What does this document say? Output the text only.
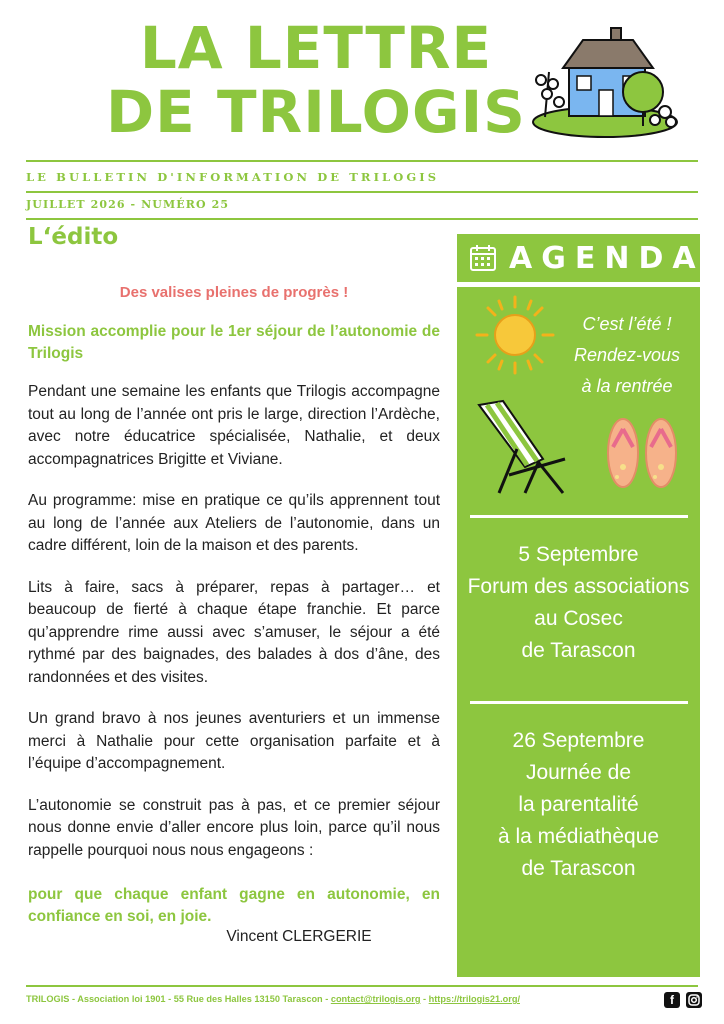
LA LETTRE
DE TRILOGIS
LE BULLETIN D'INFORMATION DE TRILOGIS
JUILLET 2026 - NUMÉRO 25
L‘édito
Des valises pleines de progrès !
Mission accomplie pour le 1er séjour de l’autonomie de Trilogis

Pendant une semaine les enfants que Trilogis accompagne tout au long de l’année ont pris le large, direction l’Ardèche, avec notre éducatrice spécialisée, Nathalie, et deux accompagnatrices Brigitte et Viviane.

Au programme: mise en pratique ce qu’ils apprennent tout au long de l’année aux Ateliers de l’autonomie, dans un cadre différent, loin de la maison et des parents.

Lits à faire, sacs à préparer, repas à partager… et beaucoup de fierté à chaque étape franchie. Et parce qu’apprendre rime aussi avec s’amuser, le séjour a été rythmé par des baignades, des balades à dos d’âne, des randonnées et des visites.

Un grand bravo à nos jeunes aventuriers et un immense merci à Nathalie pour cette organisation parfaite et à l’équipe d’accompagnement.

L’autonomie se construit pas à pas, et ce premier séjour nous donne envie d’aller encore plus loin, parce qu’il nous rappelle pourquoi nous nous engageons :

pour que chaque enfant gagne en autonomie, en confiance en soi, en joie.
Vincent CLERGERIE
AGENDA
C’est l’été !
Rendez-vous
à la rentrée
5 Septembre
Forum des associations
au Cosec
de Tarascon
26 Septembre
Journée de
la parentalité
à la médiathèque
de Tarascon
TRILOGIS - Association loi 1901 - 55 Rue des Halles 13150 Tarascon - contact@trilogis.org - https://trilogis21.org/	f
